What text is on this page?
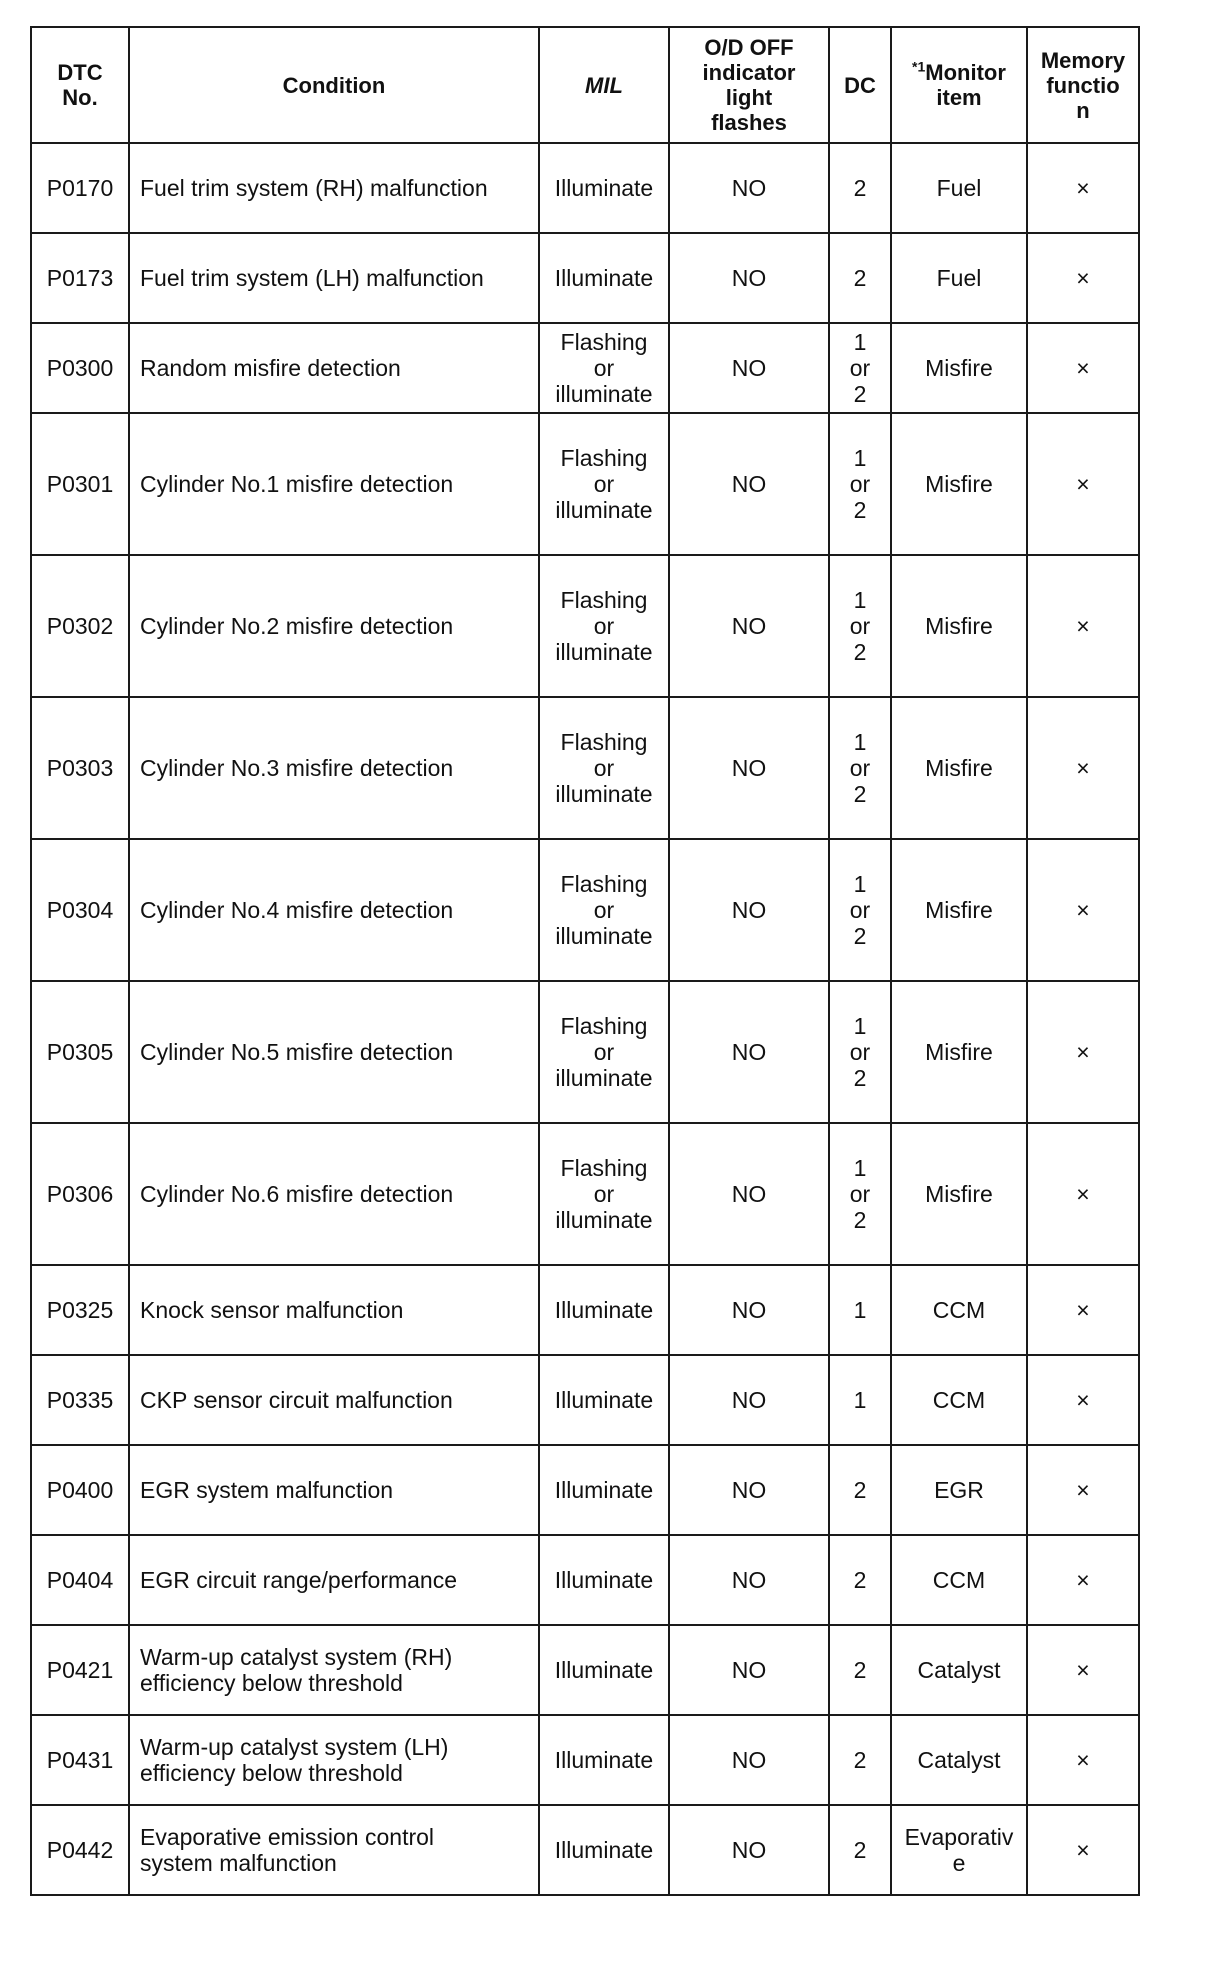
DTC
No.	Condition	MIL	O/D OFF
indicator
light
flashes	DC	$^{*1}$Monitor
item	Memory
functio
n
P0170	Fuel trim system (RH) malfunction	Illuminate	NO	2	Fuel	×
P0173	Fuel trim system (LH) malfunction	Illuminate	NO	2	Fuel	×
P0300	Random misfire detection	Flashing
or
illuminate	NO	1
or
2	Misfire	×
P0301	Cylinder No.1 misfire detection	Flashing
or
illuminate	NO	1
or
2	Misfire	×
P0302	Cylinder No.2 misfire detection	Flashing
or
illuminate	NO	1
or
2	Misfire	×
P0303	Cylinder No.3 misfire detection	Flashing
or
illuminate	NO	1
or
2	Misfire	×
P0304	Cylinder No.4 misfire detection	Flashing
or
illuminate	NO	1
or
2	Misfire	×
P0305	Cylinder No.5 misfire detection	Flashing
or
illuminate	NO	1
or
2	Misfire	×
P0306	Cylinder No.6 misfire detection	Flashing
or
illuminate	NO	1
or
2	Misfire	×
P0325	Knock sensor malfunction	Illuminate	NO	1	CCM	×
P0335	CKP sensor circuit malfunction	Illuminate	NO	1	CCM	×
P0400	EGR system malfunction	Illuminate	NO	2	EGR	×
P0404	EGR circuit range/performance	Illuminate	NO	2	CCM	×
P0421	Warm-up catalyst system (RH)
efficiency below threshold	Illuminate	NO	2	Catalyst	×
P0431	Warm-up catalyst system (LH)
efficiency below threshold	Illuminate	NO	2	Catalyst	×
P0442	Evaporative emission control
system malfunction	Illuminate	NO	2	Evaporativ
e	×
